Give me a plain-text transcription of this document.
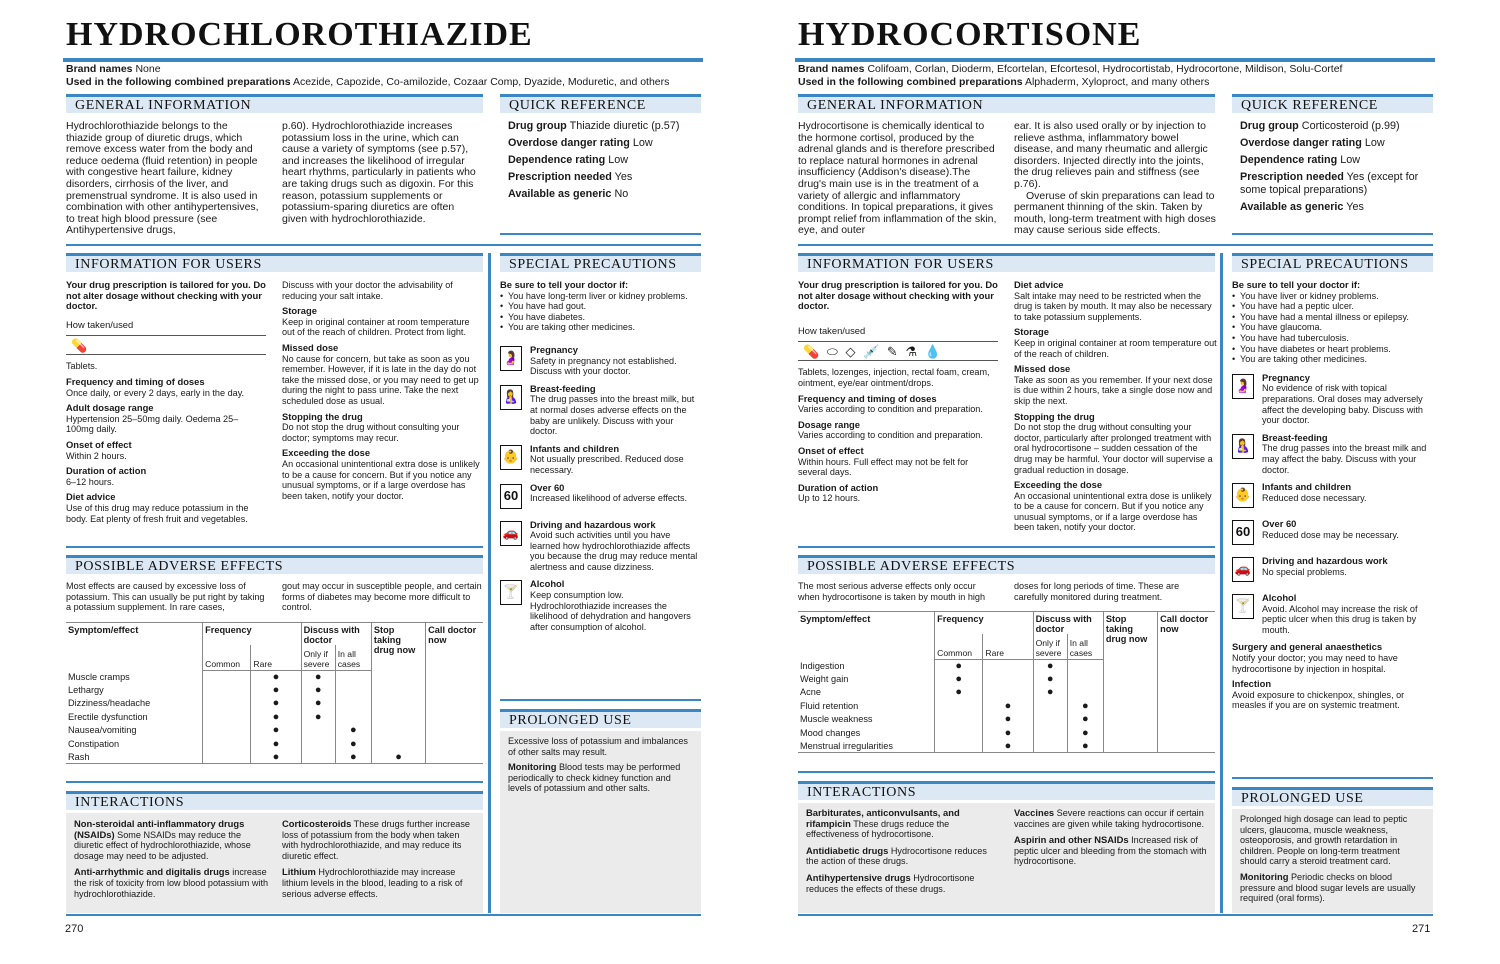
HYDROCHLOROTHIAZIDE
Brand names None
Used in the following combined preparations Acezide, Capozide, Co-amilozide, Cozaar Comp, Dyazide, Moduretic, and others
GENERAL INFORMATION
Hydrochlorothiazide belongs to the thiazide group of diuretic drugs, which remove excess water from the body and reduce oedema (fluid retention) in people with congestive heart failure, kidney disorders, cirrhosis of the liver, and premenstrual syndrome. It is also used in combination with other antihypertensives, to treat high blood pressure (see Antihypertensive drugs,
p.60). Hydrochlorothiazide increases potassium loss in the urine, which can cause a variety of symptoms (see p.57), and increases the likelihood of irregular heart rhythms, particularly in patients who are taking drugs such as digoxin. For this reason, potassium supplements or potassium-sparing diuretics are often given with hydrochlorothiazide.
QUICK REFERENCE

Drug group Thiazide diuretic (p.57)

Overdose danger rating Low

Dependence rating Low

Prescription needed Yes

Available as generic No

INFORMATION FOR USERS
Your drug prescription is tailored for you. Do not alter dosage without checking with your doctor.
How taken/used
💊
Tablets.
Frequency and timing of doses
Once daily, or every 2 days, early in the day.
Adult dosage range
Hypertension 25–50mg daily. Oedema 25–100mg daily.
Onset of effect
Within 2 hours.
Duration of action
6–12 hours.
Diet advice
Use of this drug may reduce potassium in the body. Eat plenty of fresh fruit and vegetables.
Discuss with your doctor the advisability of reducing your salt intake.
Storage
Keep in original container at room temperature out of the reach of children. Protect from light.
Missed dose
No cause for concern, but take as soon as you remember. However, if it is late in the day do not take the missed dose, or you may need to get up during the night to pass urine. Take the next scheduled dose as usual.
Stopping the drug
Do not stop the drug without consulting your doctor; symptoms may recur.
Exceeding the dose
An occasional unintentional extra dose is unlikely to be a cause for concern. But if you notice any unusual symptoms, or if a large overdose has been taken, notify your doctor.
SPECIAL PRECAUTIONS
Be sure to tell your doctor if:
• You have long-term liver or kidney problems.
• You have had gout.
• You have diabetes.
• You are taking other medicines.
🤰
Pregnancy
Safety in pregnancy not established. Discuss with your doctor.
🤱
Breast-feeding
The drug passes into the breast milk, but at normal doses adverse effects on the baby are unlikely. Discuss with your doctor.
👶
Infants and children
Not usually prescribed. Reduced dose necessary.
60
Over 60
Increased likelihood of adverse effects.
🚗
Driving and hazardous work
Avoid such activities until you have learned how hydrochlorothiazide affects you because the drug may reduce mental alertness and cause dizziness.
🍸
Alcohol
Keep consumption low. Hydrochlorothiazide increases the likelihood of dehydration and hangovers after consumption of alcohol.
PROLONGED USE
Excessive loss of potassium and imbalances of other salts may result.
Monitoring Blood tests may be performed periodically to check kidney function and levels of potassium and other salts.
POSSIBLE ADVERSE EFFECTS
Most effects are caused by excessive loss of potassium. This can usually be put right by taking a potassium supplement. In rare cases,
gout may occur in susceptible people, and certain forms of diabetes may become more difficult to control.
Symptom/effect	Frequency		Discuss with doctor		Stop taking drug now	Call doctor now
	Common	Rare	Only if severe	In all cases		
Muscle cramps		●	●			
Lethargy		●	●			
Dizziness/headache		●	●			
Erectile dysfunction		●	●			
Nausea/vomiting		●		●		
Constipation		●		●		
Rash		●		●	●	

INTERACTIONS
Non-steroidal anti-inflammatory drugs (NSAIDs) Some NSAIDs may reduce the diuretic effect of hydrochlorothiazide, whose dosage may need to be adjusted.
Anti-arrhythmic and digitalis drugs increase the risk of toxicity from low blood potassium with hydrochlorothiazide.
Corticosteroids These drugs further increase loss of potassium from the body when taken with hydrochlorothiazide, and may reduce its diuretic effect.
Lithium Hydrochlorothiazide may increase lithium levels in the blood, leading to a risk of serious adverse effects.
270
HYDROCORTISONE
Brand names Colifoam, Corlan, Dioderm, Efcortelan, Efcortesol, Hydrocortistab, Hydrocortone, Mildison, Solu-Cortef
Used in the following combined preparations Alphaderm, Xyloproct, and many others
GENERAL INFORMATION
Hydrocortisone is chemically identical to the hormone cortisol, produced by the adrenal glands and is therefore prescribed to replace natural hormones in adrenal insufficiency (Addison's disease).The drug's main use is in the treatment of a variety of allergic and inflammatory conditions. In topical preparations, it gives prompt relief from inflammation of the skin, eye, and outer
ear. It is also used orally or by injection to relieve asthma, inflammatory bowel disease, and many rheumatic and allergic disorders. Injected directly into the joints, the drug relieves pain and stiffness (see p.76).
Overuse of skin preparations can lead to permanent thinning of the skin. Taken by mouth, long-term treatment with high doses may cause serious side effects.
QUICK REFERENCE

Drug group Corticosteroid (p.99)

Overdose danger rating Low

Dependence rating Low

Prescription needed Yes (except for some topical preparations)

Available as generic Yes

INFORMATION FOR USERS
Your drug prescription is tailored for you. Do not alter dosage without checking with your doctor.
How taken/used
💊 ⬭ ◇ 💉 ✎ ⚗ 💧
Tablets, lozenges, injection, rectal foam, cream, ointment, eye/ear ointment/drops.
Frequency and timing of doses
Varies according to condition and preparation.
Dosage range
Varies according to condition and preparation.
Onset of effect
Within hours. Full effect may not be felt for several days.
Duration of action
Up to 12 hours.
Diet advice
Salt intake may need to be restricted when the drug is taken by mouth. It may also be necessary to take potassium supplements.
Storage
Keep in original container at room temperature out of the reach of children.
Missed dose
Take as soon as you remember. If your next dose is due within 2 hours, take a single dose now and skip the next.
Stopping the drug
Do not stop the drug without consulting your doctor, particularly after prolonged treatment with oral hydrocortisone – sudden cessation of the drug may be harmful. Your doctor will supervise a gradual reduction in dosage.
Exceeding the dose
An occasional unintentional extra dose is unlikely to be a cause for concern. But if you notice any unusual symptoms, or if a large overdose has been taken, notify your doctor.
SPECIAL PRECAUTIONS
Be sure to tell your doctor if:
• You have liver or kidney problems.
• You have had a peptic ulcer.
• You have had a mental illness or epilepsy.
• You have glaucoma.
• You have had tuberculosis.
• You have diabetes or heart problems.
• You are taking other medicines.
🤰
Pregnancy
No evidence of risk with topical preparations. Oral doses may adversely affect the developing baby. Discuss with your doctor.
🤱
Breast-feeding
The drug passes into the breast milk and may affect the baby. Discuss with your doctor.
👶
Infants and children
Reduced dose necessary.
60
Over 60
Reduced dose may be necessary.
🚗
Driving and hazardous work
No special problems.
🍸
Alcohol
Avoid. Alcohol may increase the risk of peptic ulcer when this drug is taken by mouth.
Surgery and general anaesthetics
Notify your doctor; you may need to have hydrocortisone by injection in hospital.
Infection
Avoid exposure to chickenpox, shingles, or measles if you are on systemic treatment.
PROLONGED USE
Prolonged high dosage can lead to peptic ulcers, glaucoma, muscle weakness, osteoporosis, and growth retardation in children. People on long-term treatment should carry a steroid treatment card.
Monitoring Periodic checks on blood pressure and blood sugar levels are usually required (oral forms).
POSSIBLE ADVERSE EFFECTS
The most serious adverse effects only occur when hydrocortisone is taken by mouth in high
doses for long periods of time. These are carefully monitored during treatment.
Symptom/effect	Frequency		Discuss with doctor		Stop taking drug now	Call doctor now
	Common	Rare	Only if severe	In all cases		
Indigestion	●		●			
Weight gain	●		●			
Acne	●		●			
Fluid retention		●		●		
Muscle weakness		●		●		
Mood changes		●		●		
Menstrual irregularities		●		●		

INTERACTIONS
Barbiturates, anticonvulsants, and rifampicin These drugs reduce the effectiveness of hydrocortisone.
Antidiabetic drugs Hydrocortisone reduces the action of these drugs.
Antihypertensive drugs Hydrocortisone reduces the effects of these drugs.
Vaccines Severe reactions can occur if certain vaccines are given while taking hydrocortisone.
Aspirin and other NSAIDs Increased risk of peptic ulcer and bleeding from the stomach with hydrocortisone.
271
